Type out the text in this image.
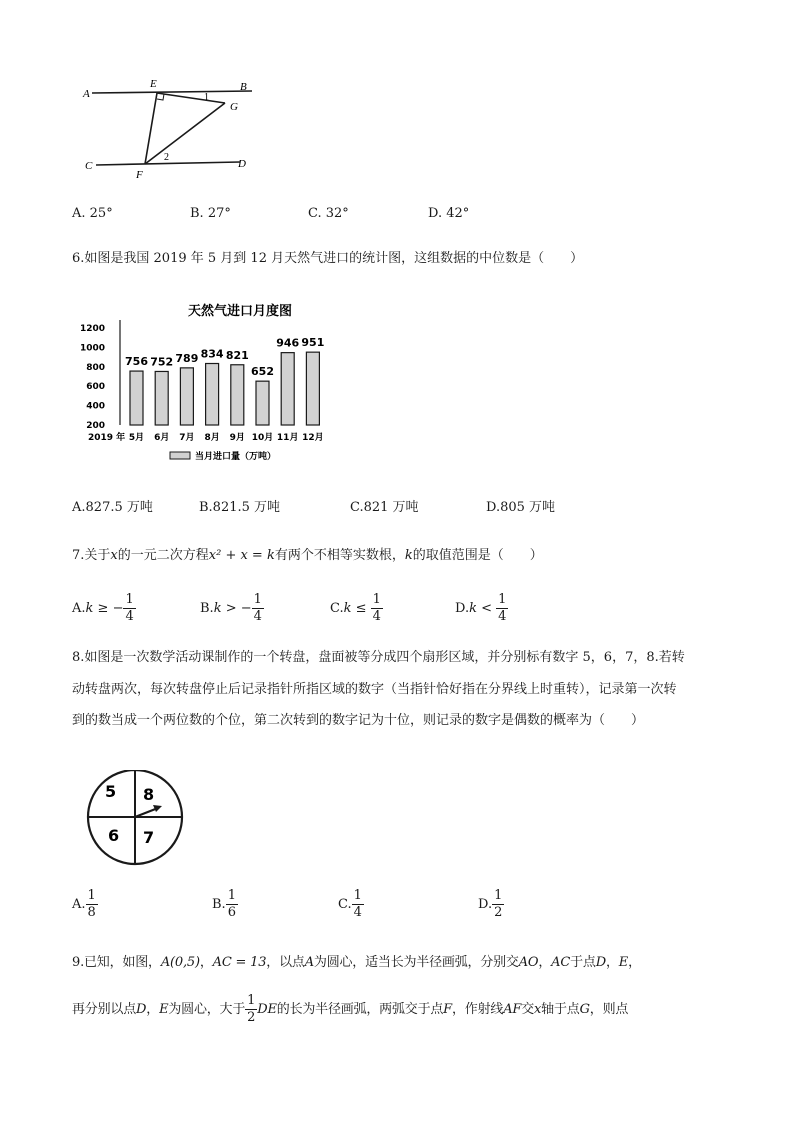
A
E	B
G
1
C
2
D
F
A. 25°	B. 27°	C. 32°	D. 42°
6.如图是我国 2019 年 5 月到 12 月天然气进口的统计图，这组数据的中位数是（　　）
天然气进口月度图
1200
1000
800
600
400
200
756 752 789 834 821
652
946 951
5月 6月 7月 8月 9月 10月 11月 12月
2019 年
当月进口量（万吨）
A.827.5 万吨	B.821.5 万吨	C.821 万吨	D.805 万吨
7.关于x的一元二次方程x² + x = k有两个不相等实数根，k的取值范围是（　　）
A.k ≥ − $\frac{1}{4}$	B.k > − $\frac{1}{4}$	$C.k \le \frac{1}{4}$	$D.k < \frac{1}{4}$
8.如图是一次数学活动课制作的一个转盘，盘面被等分成四个扇形区域，并分别标有数字 5，6，7，8.若转
动转盘两次，每次转盘停止后记录指针所指区域的数字（当指针恰好指在分界线上时重转），记录第一次转
到的数当成一个两位数的个位，第二次转到的数字记为十位，则记录的数字是偶数的概率为（　　）
5 8
6 7
A. $\frac{1}{8}$	B. $\frac{1}{6}$	C. $\frac{1}{4}$	D. $\frac{1}{2}$
9.已知，如图，A(0,5)，AC = 13，以点A为圆心，适当长为半径画弧，分别交AO，AC于点D，E，
再分别以点D，E为圆心，大于 $\frac{1}{2}$ DE的长为半径画弧，两弧交于点F，作射线AF交x轴于点G，则点
